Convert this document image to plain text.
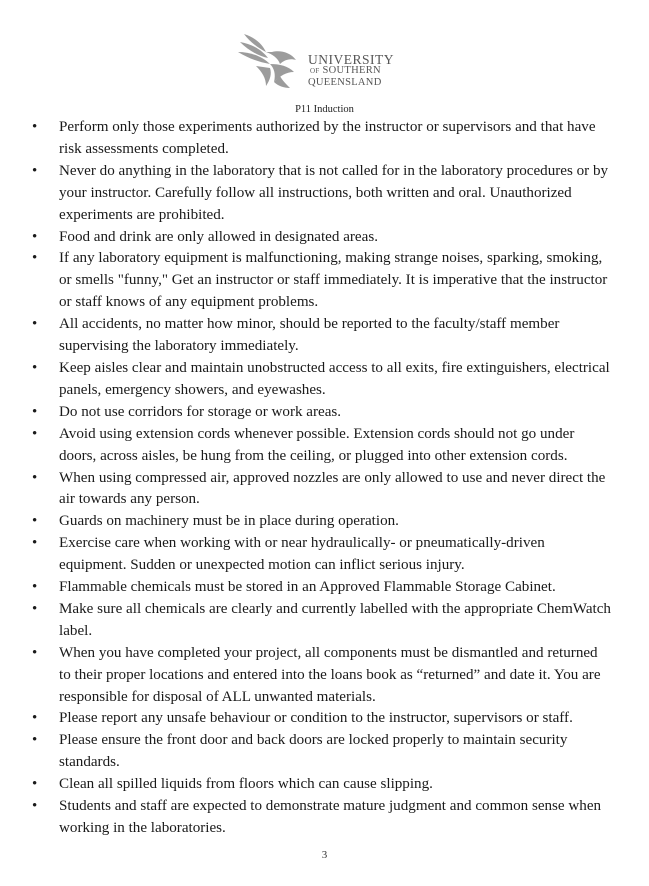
UNIVERSITY
OF SOUTHERN
QUEENSLAND
P11 Induction
• Perform only those experiments authorized by the instructor or supervisors and that have risk assessments completed.
• Never do anything in the laboratory that is not called for in the laboratory procedures or by your instructor. Carefully follow all instructions, both written and oral. Unauthorized experiments are prohibited.
• Food and drink are only allowed in designated areas.
• If any laboratory equipment is malfunctioning, making strange noises, sparking, smoking, or smells "funny," Get an instructor or staff immediately. It is imperative that the instructor or staff knows of any equipment problems.
• All accidents, no matter how minor, should be reported to the faculty/staff member supervising the laboratory immediately.
• Keep aisles clear and maintain unobstructed access to all exits, fire extinguishers, electrical panels, emergency showers, and eyewashes.
• Do not use corridors for storage or work areas.
• Avoid using extension cords whenever possible. Extension cords should not go under doors, across aisles, be hung from the ceiling, or plugged into other extension cords.
• When using compressed air, approved nozzles are only allowed to use and never direct the air towards any person.
• Guards on machinery must be in place during operation.
• Exercise care when working with or near hydraulically- or pneumatically-driven equipment. Sudden or unexpected motion can inflict serious injury.
• Flammable chemicals must be stored in an Approved Flammable Storage Cabinet.
• Make sure all chemicals are clearly and currently labelled with the appropriate ChemWatch label.
• When you have completed your project, all components must be dismantled and returned to their proper locations and entered into the loans book as “returned” and date it. You are responsible for disposal of ALL unwanted materials.
• Please report any unsafe behaviour or condition to the instructor, supervisors or staff.
• Please ensure the front door and back doors are locked properly to maintain security standards.
• Clean all spilled liquids from floors which can cause slipping.
• Students and staff are expected to demonstrate mature judgment and common sense when working in the laboratories.
3
